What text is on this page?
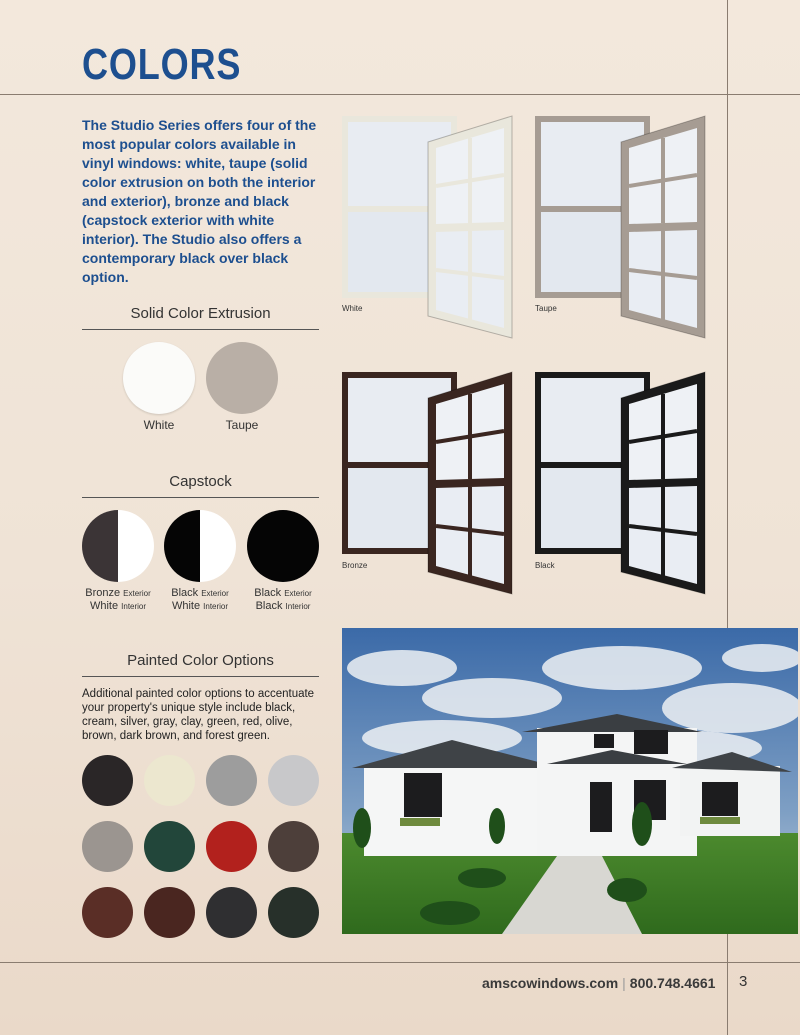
COLORS
The Studio Series offers four of the most popular colors available in vinyl windows: white, taupe (solid color extrusion on both the interior and exterior), bronze and black (capstock exterior with white interior). The Studio also offers a contemporary black over black option.
Solid Color Extrusion
White	Taupe
Capstock
Bronze Exterior
White Interior
Black Exterior
White Interior
Black Exterior
Black Interior
Painted Color Options
Additional painted color options to accentuate your property's unique style include black, cream, silver, gray, clay, green, red, olive, brown, dark brown, and forest green.
White	Taupe
Bronze	Black
amscowindows.com | 800.748.4661 3
